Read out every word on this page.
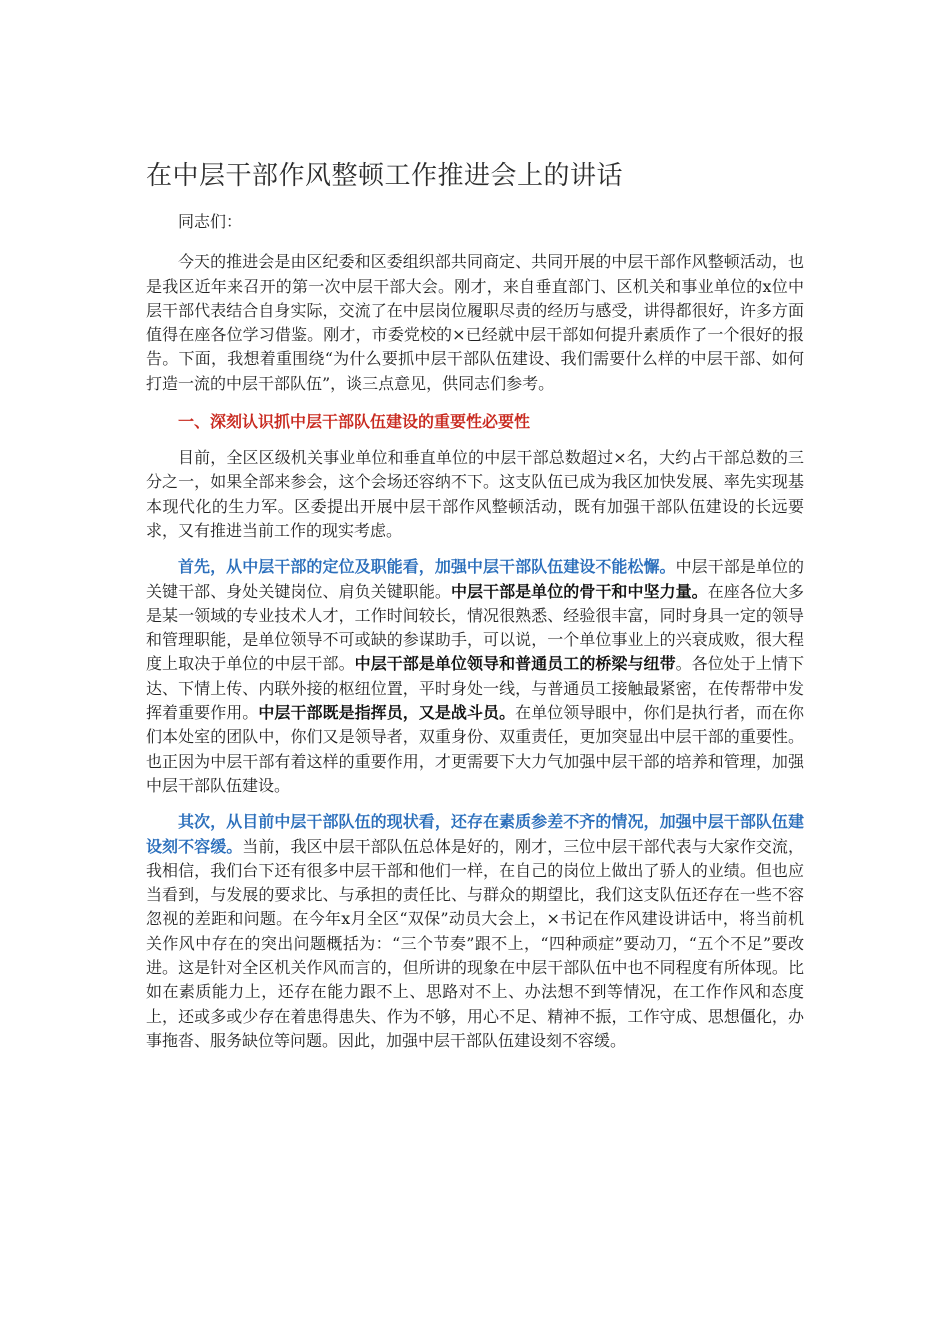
在中层干部作风整顿工作推进会上的讲话

同志们：

今天的推进会是由区纪委和区委组织部共同商定、共同开展的中层干部作风整顿活动，也是我区近年来召开的第一次中层干部大会。刚才，来自垂直部门、区机关和事业单位的x位中层干部代表结合自身实际，交流了在中层岗位履职尽责的经历与感受，讲得都很好，许多方面值得在座各位学习借鉴。刚才，市委党校的×已经就中层干部如何提升素质作了一个很好的报告。下面，我想着重围绕“为什么要抓中层干部队伍建设、我们需要什么样的中层干部、如何打造一流的中层干部队伍”，谈三点意见，供同志们参考。

一、深刻认识抓中层干部队伍建设的重要性必要性

目前，全区区级机关事业单位和垂直单位的中层干部总数超过×名，大约占干部总数的三分之一，如果全部来参会，这个会场还容纳不下。这支队伍已成为我区加快发展、率先实现基本现代化的生力军。区委提出开展中层干部作风整顿活动，既有加强干部队伍建设的长远要求，又有推进当前工作的现实考虑。

首先，从中层干部的定位及职能看，加强中层干部队伍建设不能松懈。中层干部是单位的关键干部、身处关键岗位、肩负关键职能。中层干部是单位的骨干和中坚力量。在座各位大多是某一领域的专业技术人才，工作时间较长，情况很熟悉、经验很丰富，同时身具一定的领导和管理职能，是单位领导不可或缺的参谋助手，可以说，一个单位事业上的兴衰成败，很大程度上取决于单位的中层干部。中层干部是单位领导和普通员工的桥梁与纽带。各位处于上情下达、下情上传、内联外接的枢纽位置，平时身处一线，与普通员工接触最紧密，在传帮带中发挥着重要作用。中层干部既是指挥员，又是战斗员。在单位领导眼中，你们是执行者，而在你们本处室的团队中，你们又是领导者，双重身份、双重责任，更加突显出中层干部的重要性。也正因为中层干部有着这样的重要作用，才更需要下大力气加强中层干部的培养和管理，加强中层干部队伍建设。

其次，从目前中层干部队伍的现状看，还存在素质参差不齐的情况，加强中层干部队伍建设刻不容缓。当前，我区中层干部队伍总体是好的，刚才，三位中层干部代表与大家作交流，我相信，我们台下还有很多中层干部和他们一样，在自己的岗位上做出了骄人的业绩。但也应当看到，与发展的要求比、与承担的责任比、与群众的期望比，我们这支队伍还存在一些不容忽视的差距和问题。在今年x月全区“双保”动员大会上，×书记在作风建设讲话中，将当前机关作风中存在的突出问题概括为：“三个节奏”跟不上，“四种顽症”要动刀，“五个不足”要改进。这是针对全区机关作风而言的，但所讲的现象在中层干部队伍中也不同程度有所体现。比如在素质能力上，还存在能力跟不上、思路对不上、办法想不到等情况，在工作作风和态度上，还或多或少存在着患得患失、作为不够，用心不足、精神不振，工作守成、思想僵化，办事拖沓、服务缺位等问题。因此，加强中层干部队伍建设刻不容缓。
